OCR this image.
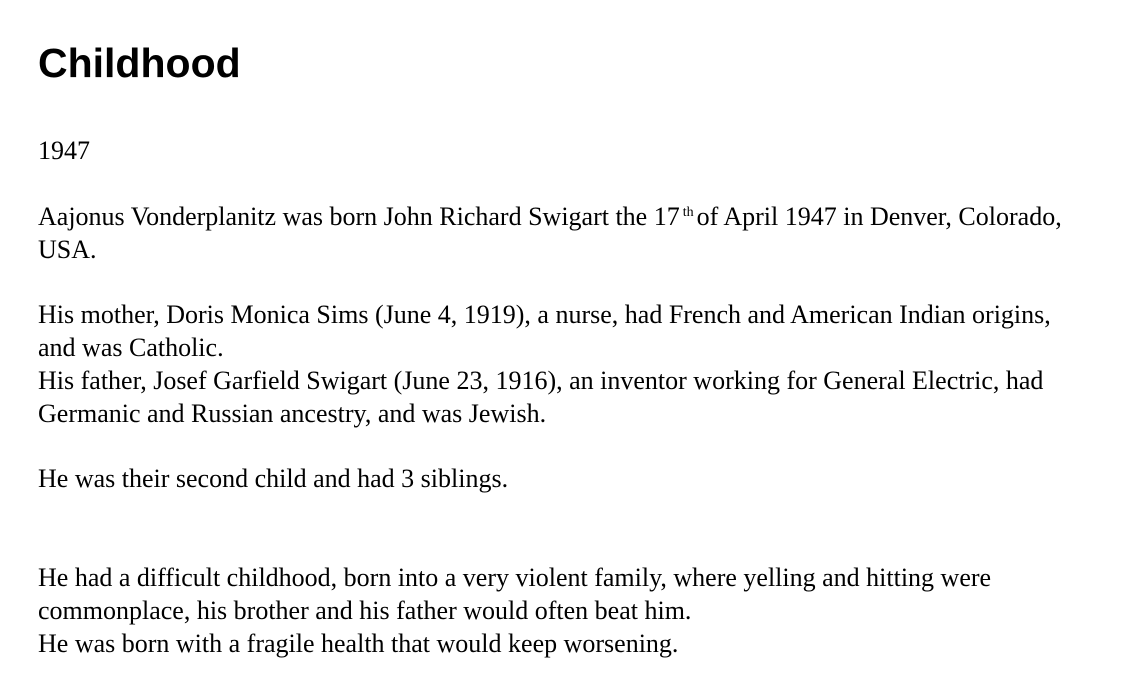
Childhood

1947

Aajonus Vonderplanitz was born John Richard Swigart the 17 $^{th}$ of April 1947 in Denver, Colorado,
USA.

His mother, Doris Monica Sims (June 4, 1919), a nurse, had French and American Indian origins,
and was Catholic.
His father, Josef Garfield Swigart (June 23, 1916), an inventor working for General Electric, had
Germanic and Russian ancestry, and was Jewish.

He was their second child and had 3 siblings.

He had a difficult childhood, born into a very violent family, where yelling and hitting were
commonplace, his brother and his father would often beat him.
He was born with a fragile health that would keep worsening.
